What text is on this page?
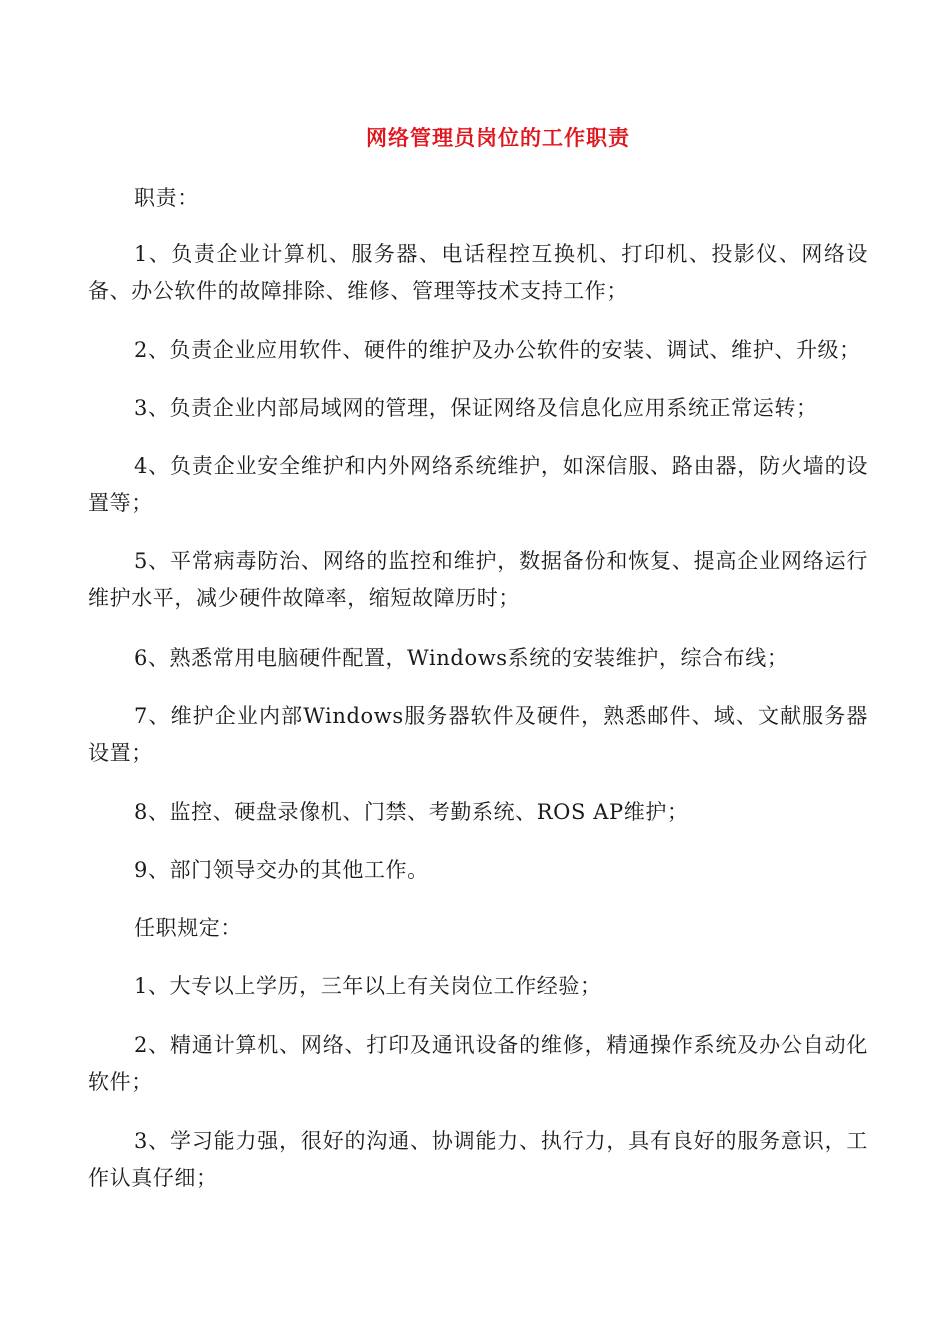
网络管理员岗位的工作职责

职责：

1、负责企业计算机、服务器、电话程控互换机、打印机、投影仪、网络设备、办公软件的故障排除、维修、管理等技术支持工作；

2、负责企业应用软件、硬件的维护及办公软件的安装、调试、维护、升级；

3、负责企业内部局域网的管理，保证网络及信息化应用系统正常运转；

4、负责企业安全维护和内外网络系统维护，如深信服、路由器，防火墙的设置等；

5、平常病毒防治、网络的监控和维护，数据备份和恢复、提高企业网络运行维护水平，减少硬件故障率，缩短故障历时；

6、熟悉常用电脑硬件配置，Windows系统的安装维护，综合布线；

7、维护企业内部Windows服务器软件及硬件，熟悉邮件、域、文献服务器设置；

8、监控、硬盘录像机、门禁、考勤系统、ROS AP维护；

9、部门领导交办的其他工作。

任职规定：

1、大专以上学历，三年以上有关岗位工作经验；

2、精通计算机、网络、打印及通讯设备的维修，精通操作系统及办公自动化软件；

3、学习能力强，很好的沟通、协调能力、执行力，具有良好的服务意识，工作认真仔细；
